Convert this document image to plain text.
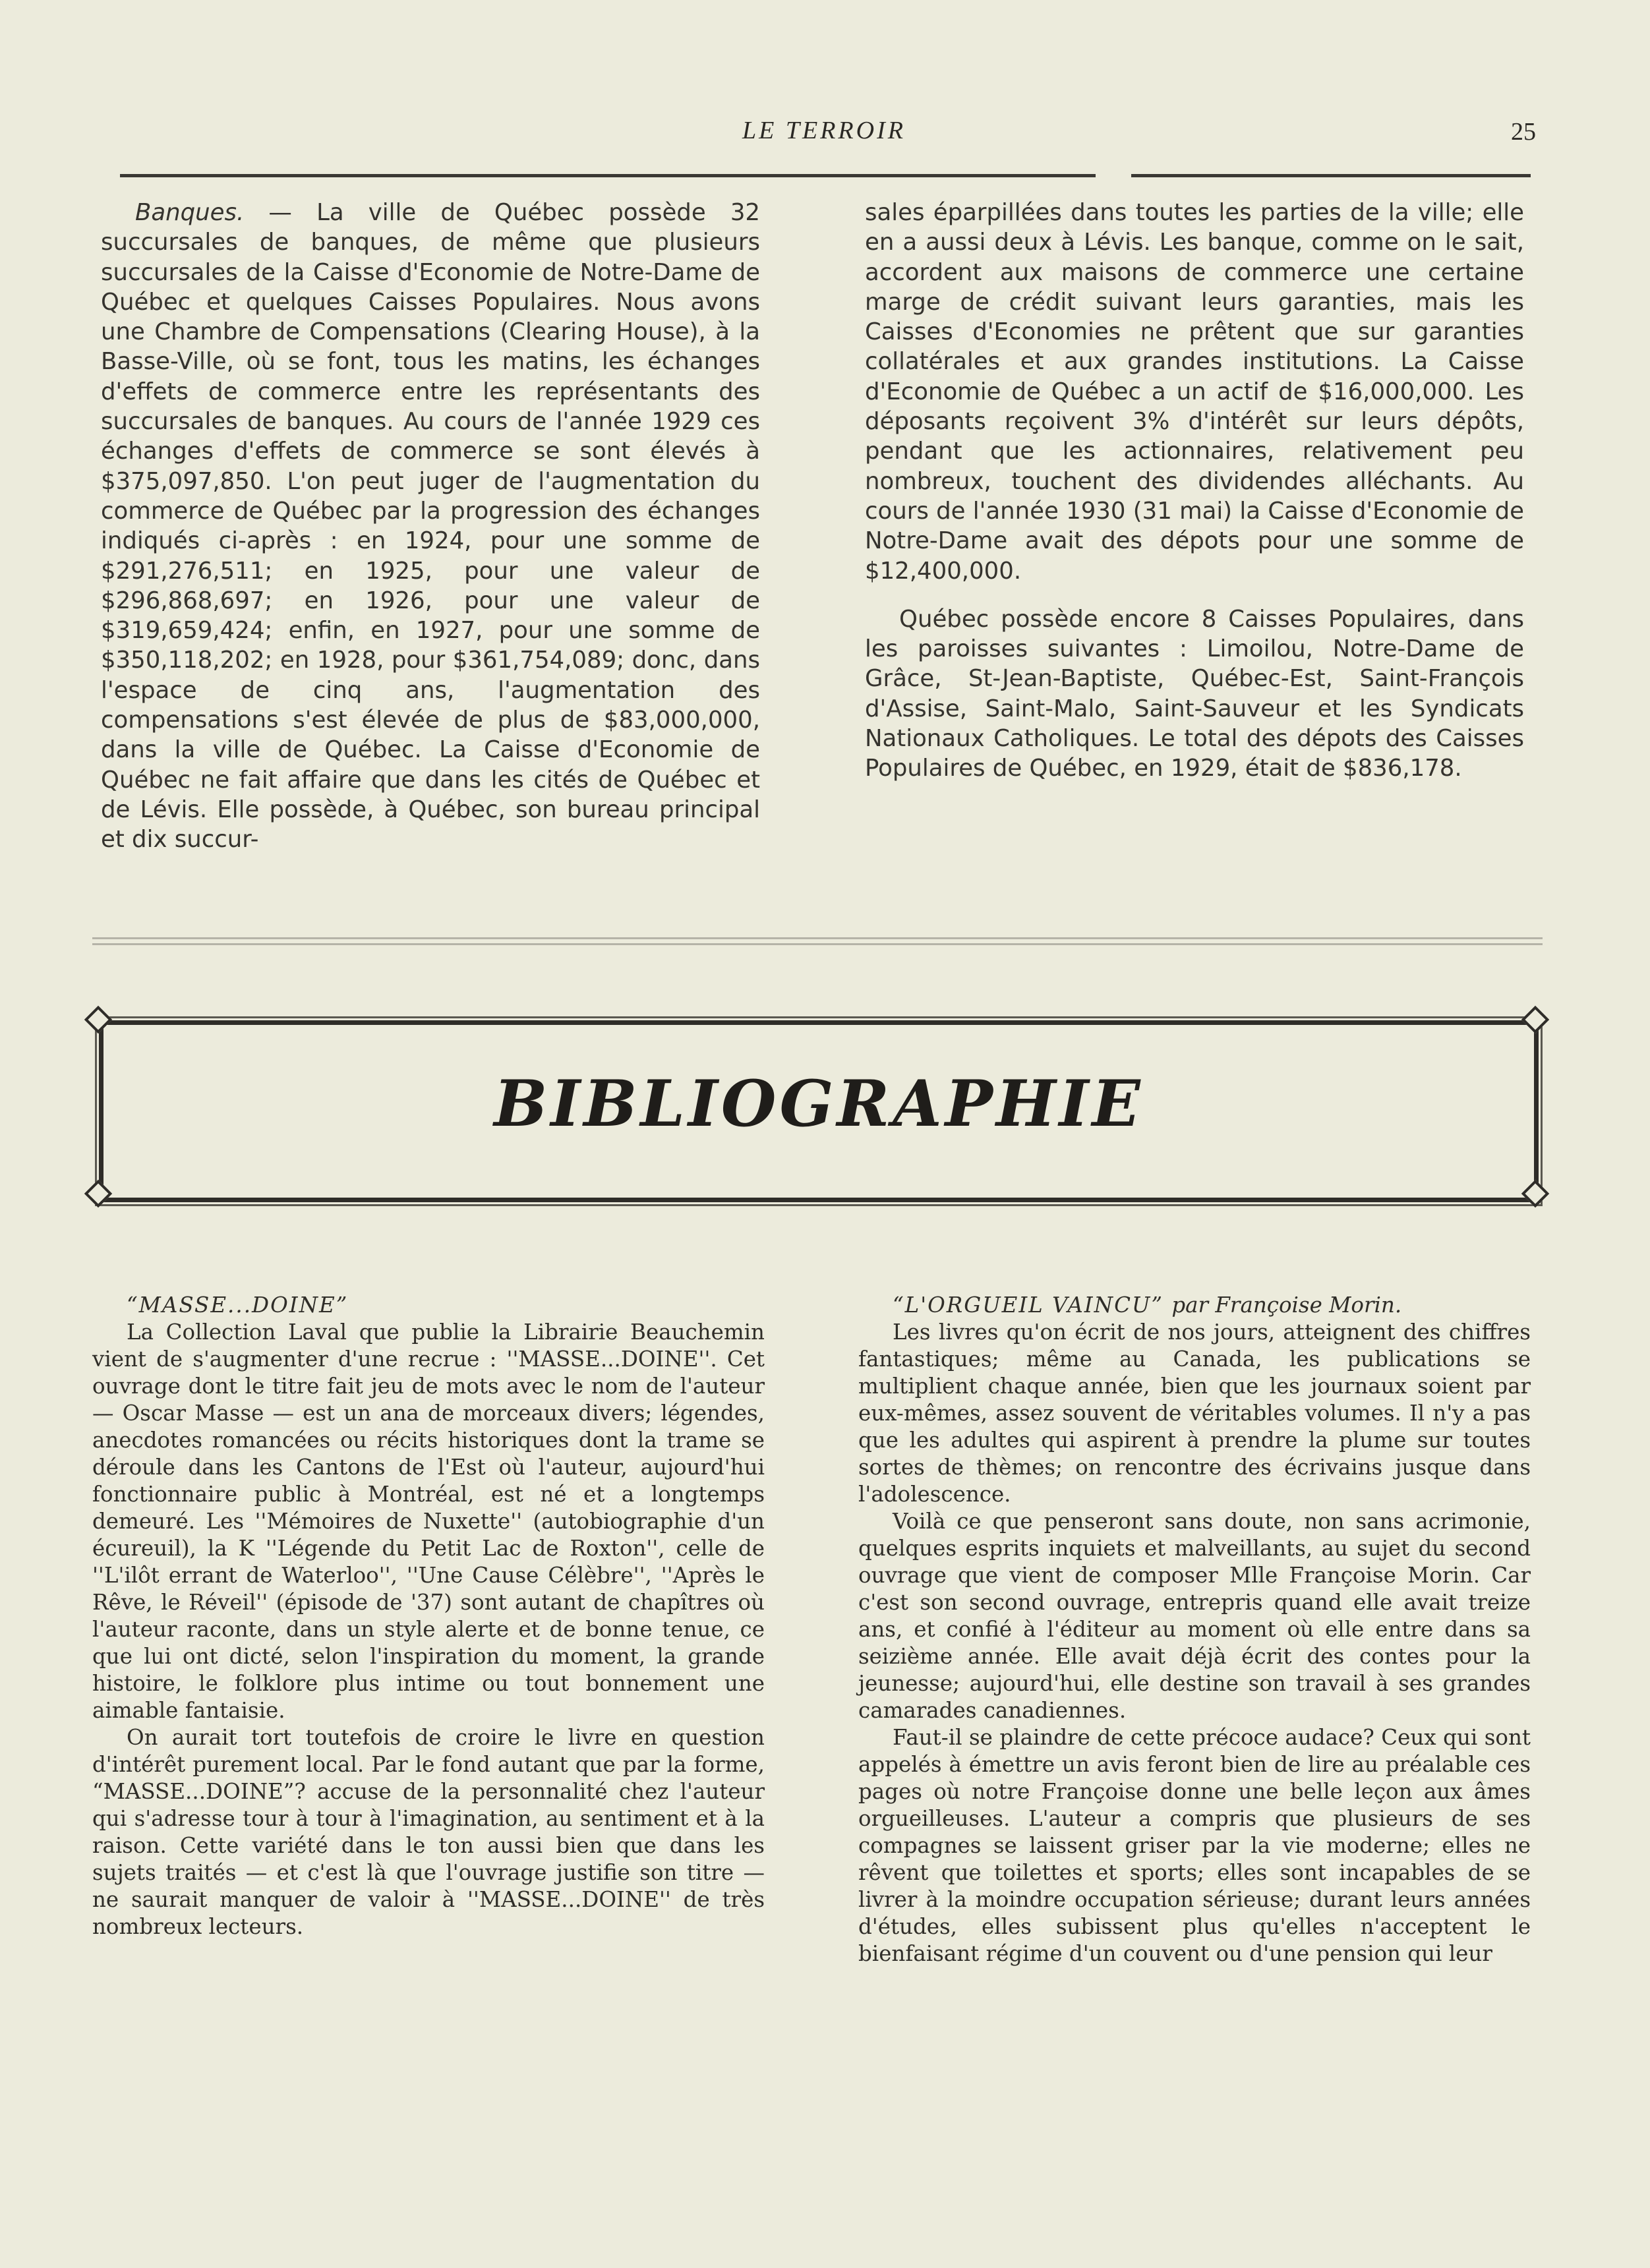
LE TERROIR	25

Banques. — La ville de Québec possède 32 succursales de banques, de même que plusieurs succursales de la Caisse d'Economie de Notre-Dame de Québec et quelques Caisses Populaires. Nous avons une Chambre de Compensations (Clearing House), à la Basse-Ville, où se font, tous les matins, les échanges d'effets de commerce entre les représentants des succursales de banques. Au cours de l'année 1929 ces échanges d'effets de commerce se sont élevés à $375,097,850. L'on peut juger de l'augmentation du commerce de Québec par la progression des échanges indiqués ci-après : en 1924, pour une somme de $291,276,511; en 1925, pour une valeur de $296,868,697; en 1926, pour une valeur de $319,659,424; enfin, en 1927, pour une somme de $350,118,202; en 1928, pour $361,754,089; donc, dans l'espace de cinq ans, l'augmentation des compensations s'est élevée de plus de $83,000,000, dans la ville de Québec. La Caisse d'Economie de Québec ne fait affaire que dans les cités de Québec et de Lévis. Elle possède, à Québec, son bureau principal et dix succur-

sales éparpillées dans toutes les parties de la ville; elle en a aussi deux à Lévis. Les banque, comme on le sait, accordent aux maisons de commerce une certaine marge de crédit suivant leurs garanties, mais les Caisses d'Economies ne prêtent que sur garanties collatérales et aux grandes institutions. La Caisse d'Economie de Québec a un actif de $16,000,000. Les déposants reçoivent 3% d'intérêt sur leurs dépôts, pendant que les actionnaires, relativement peu nombreux, touchent des dividendes alléchants. Au cours de l'année 1930 (31 mai) la Caisse d'Economie de Notre-Dame avait des dépots pour une somme de $12,400,000.

Québec possède encore 8 Caisses Populaires, dans les paroisses suivantes : Limoilou, Notre-Dame de Grâce, St-Jean-Baptiste, Québec-Est, Saint-François d'Assise, Saint-Malo, Saint-Sauveur et les Syndicats Nationaux Catholiques. Le total des dépots des Caisses Populaires de Québec, en 1929, était de $836,178.

BIBLIOGRAPHIE

“MASSE...DOINE”

La Collection Laval que publie la Librairie Beauchemin vient de s'augmenter d'une recrue : ''MASSE...DOINE''. Cet ouvrage dont le titre fait jeu de mots avec le nom de l'auteur — Oscar Masse — est un ana de morceaux divers; légendes, anecdotes romancées ou récits historiques dont la trame se déroule dans les Cantons de l'Est où l'auteur, aujourd'hui fonctionnaire public à Montréal, est né et a longtemps demeuré. Les ''Mémoires de Nuxette'' (autobiographie d'un écureuil), la K ''Légende du Petit Lac de Roxton'', celle de ''L'ilôt errant de Waterloo'', ''Une Cause Célèbre'', ''Après le Rêve, le Réveil'' (épisode de '37) sont autant de chapîtres où l'auteur raconte, dans un style alerte et de bonne tenue, ce que lui ont dicté, selon l'inspiration du moment, la grande histoire, le folklore plus intime ou tout bonnement une aimable fantaisie.

On aurait tort toutefois de croire le livre en question d'intérêt purement local. Par le fond autant que par la forme, “MASSE...DOINE”? accuse de la personnalité chez l'auteur qui s'adresse tour à tour à l'imagination, au sentiment et à la raison. Cette variété dans le ton aussi bien que dans les sujets traités — et c'est là que l'ouvrage justifie son titre — ne saurait manquer de valoir à ''MASSE...DOINE'' de très nombreux lecteurs.

“L'ORGUEIL VAINCU” par Françoise Morin.

Les livres qu'on écrit de nos jours, atteignent des chiffres fantastiques; même au Canada, les publications se multiplient chaque année, bien que les journaux soient par eux-mêmes, assez souvent de véritables volumes. Il n'y a pas que les adultes qui aspirent à prendre la plume sur toutes sortes de thèmes; on rencontre des écrivains jusque dans l'adolescence.

Voilà ce que penseront sans doute, non sans acrimonie, quelques esprits inquiets et malveillants, au sujet du second ouvrage que vient de composer Mlle Françoise Morin. Car c'est son second ouvrage, entrepris quand elle avait treize ans, et confié à l'éditeur au moment où elle entre dans sa seizième année. Elle avait déjà écrit des contes pour la jeunesse; aujourd'hui, elle destine son travail à ses grandes camarades canadiennes.

Faut-il se plaindre de cette précoce audace? Ceux qui sont appelés à émettre un avis feront bien de lire au préalable ces pages où notre Françoise donne une belle leçon aux âmes orgueilleuses. L'auteur a compris que plusieurs de ses compagnes se laissent griser par la vie moderne; elles ne rêvent que toilettes et sports; elles sont incapables de se livrer à la moindre occupation sérieuse; durant leurs années d'études, elles subissent plus qu'elles n'acceptent le bienfaisant régime d'un couvent ou d'une pension qui leur
